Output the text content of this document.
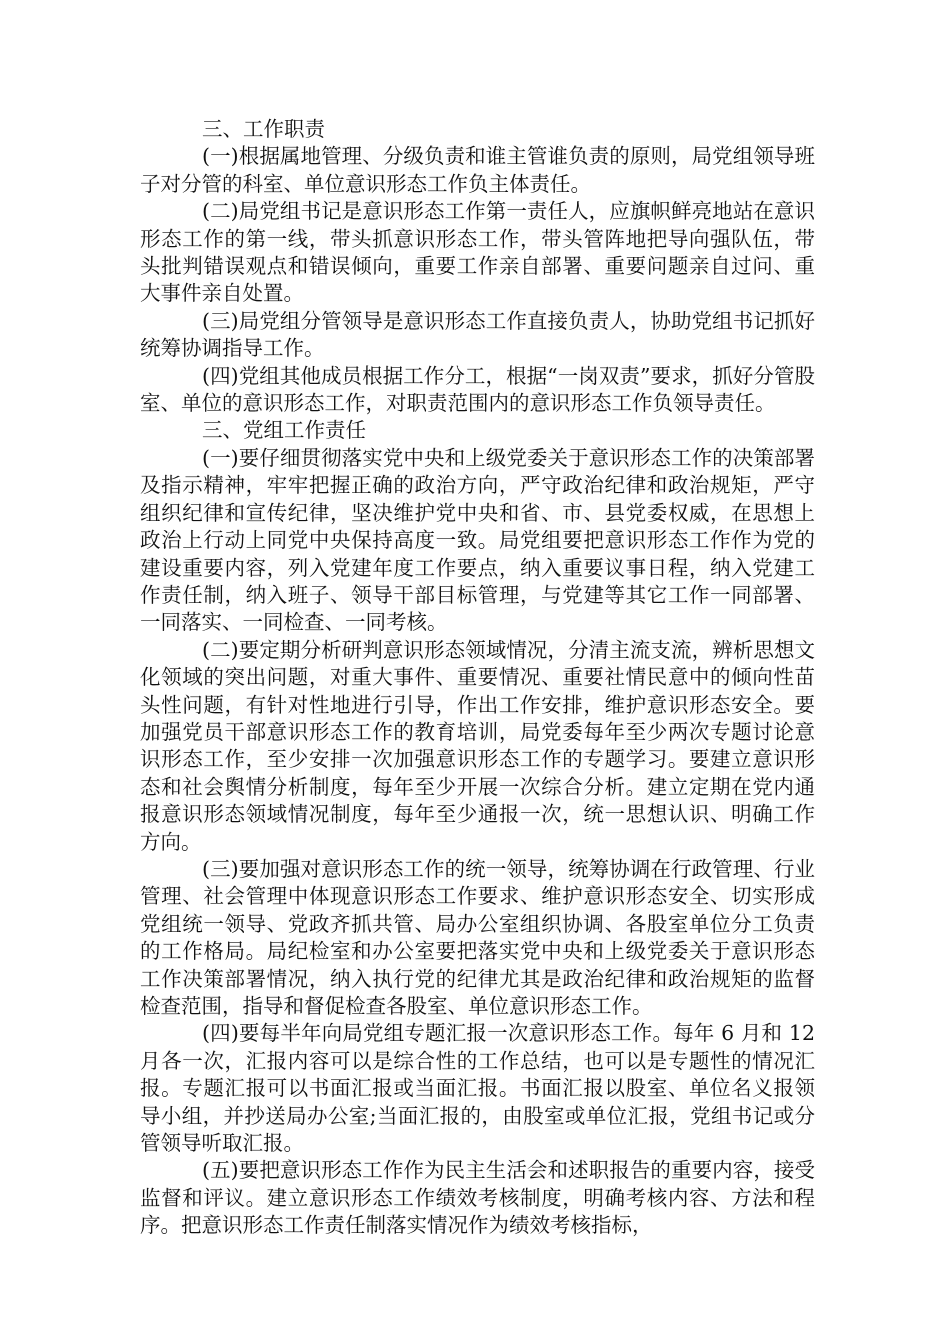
三、工作职责

(一)根据属地管理、分级负责和谁主管谁负责的原则，局党组领导班子对分管的科室、单位意识形态工作负主体责任。

(二)局党组书记是意识形态工作第一责任人，应旗帜鲜亮地站在意识形态工作的第一线，带头抓意识形态工作，带头管阵地把导向强队伍，带头批判错误观点和错误倾向，重要工作亲自部署、重要问题亲自过问、重大事件亲自处置。

(三)局党组分管领导是意识形态工作直接负责人，协助党组书记抓好统筹协调指导工作。

(四)党组其他成员根据工作分工，根据“一岗双责”要求，抓好分管股室、单位的意识形态工作，对职责范围内的意识形态工作负领导责任。

三、党组工作责任

(一)要仔细贯彻落实党中央和上级党委关于意识形态工作的决策部署及指示精神，牢牢把握正确的政治方向，严守政治纪律和政治规矩，严守组织纪律和宣传纪律，坚决维护党中央和省、市、县党委权威，在思想上政治上行动上同党中央保持高度一致。局党组要把意识形态工作作为党的建设重要内容，列入党建年度工作要点，纳入重要议事日程，纳入党建工作责任制，纳入班子、领导干部目标管理，与党建等其它工作一同部署、一同落实、一同检查、一同考核。

(二)要定期分析研判意识形态领域情况，分清主流支流，辨析思想文化领域的突出问题，对重大事件、重要情况、重要社情民意中的倾向性苗头性问题，有针对性地进行引导，作出工作安排，维护意识形态安全。要加强党员干部意识形态工作的教育培训，局党委每年至少两次专题讨论意识形态工作，至少安排一次加强意识形态工作的专题学习。要建立意识形态和社会舆情分析制度，每年至少开展一次综合分析。建立定期在党内通报意识形态领域情况制度，每年至少通报一次，统一思想认识、明确工作方向。

(三)要加强对意识形态工作的统一领导，统筹协调在行政管理、行业管理、社会管理中体现意识形态工作要求、维护意识形态安全、切实形成党组统一领导、党政齐抓共管、局办公室组织协调、各股室单位分工负责的工作格局。局纪检室和办公室要把落实党中央和上级党委关于意识形态工作决策部署情况，纳入执行党的纪律尤其是政治纪律和政治规矩的监督检查范围，指导和督促检查各股室、单位意识形态工作。

(四)要每半年向局党组专题汇报一次意识形态工作。每年 6 月和 12 月各一次，汇报内容可以是综合性的工作总结，也可以是专题性的情况汇报。专题汇报可以书面汇报或当面汇报。书面汇报以股室、单位名义报领导小组，并抄送局办公室;当面汇报的，由股室或单位汇报，党组书记或分管领导听取汇报。

(五)要把意识形态工作作为民主生活会和述职报告的重要内容，接受监督和评议。建立意识形态工作绩效考核制度，明确考核内容、方法和程序。把意识形态工作责任制落实情况作为绩效考核指标，
